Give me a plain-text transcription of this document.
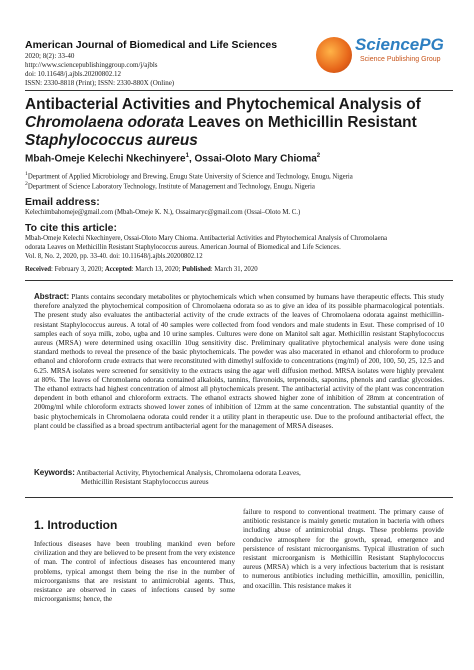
American Journal of Biomedical and Life Sciences
2020; 8(2): 33-40
http://www.sciencepublishinggroup.com/j/ajbls
doi: 10.11648/j.ajbls.20200802.12
ISSN: 2330-8818 (Print); ISSN: 2330-880X (Online)
SciencePG
Science Publishing Group
Antibacterial Activities and Phytochemical Analysis of
Chromolaena odorata Leaves on Methicillin Resistant
Staphylococcus aureus
Mbah-Omeje Kelechi Nkechinyere$^1$, Ossai-Oloto Mary Chioma$^2$
$^1$Department of Applied Microbiology and Brewing, Enugu State University of Science and Technology, Enugu, Nigeria
$^2$Department of Science Laboratory Technology, Institute of Management and Technology, Enugu, Nigeria
Email address:
Kelechimbahomeje@gmail.com (Mbah-Omeje K. N.), Ossaimaryc@gmail.com (Ossai–Oloto M. C.)
To cite this article:
Mbah-Omeje Kelechi Nkechinyere, Ossai-Oloto Mary Chioma. Antibacterial Activities and Phytochemical Analysis of Chromolaena
odorata Leaves on Methicillin Resistant Staphylococcus aureus. American Journal of Biomedical and Life Sciences.
Vol. 8, No. 2, 2020, pp. 33-40. doi: 10.11648/j.ajbls.20200802.12
Received: February 3, 2020; Accepted: March 13, 2020; Published: March 31, 2020
Abstract: Plants contains secondary metabolites or phytochemicals which when consumed by humans have therapeutic effects. This study therefore analyzed the phytochemical composition of Chromolaena odorata so as to give an idea of its possible pharmacological potentials. The present study also evaluates the antibacterial activity of the crude extracts of the leaves of Chromolaena odorata against methicillin-resistant Staphylococcus aureus. A total of 40 samples were collected from food vendors and male students in Esut. These comprised of 10 samples each of soya milk, zobo, ugba and 10 urine samples. Cultures were done on Manitol salt agar. Methicillin resistant Staphylococcus aureus (MRSA) were determined using oxacillin 10ug sensitivity disc. Preliminary qualitative phytochemical analysis were done using standard methods to reveal the presence of the basic phytochemicals. The powder was also macerated in ethanol and chloroform to produce ethanol and chloroform crude extracts that were reconstituted with dimethyl sulfoxide to concentrations (mg/ml) of 200, 100, 50, 25, 12.5 and 6.25. MRSA isolates were screened for sensitivity to the extracts using the agar well diffusion method. MRSA isolates were highly prevalent at 80%. The leaves of Chromolaena odorata contained alkaloids, tannins, flavonoids, terpenoids, saponins, phenols and cardiac glycosides. The ethanol extracts had highest concentration of almost all phytochemicals present. The antibacterial activity of the plant was concentration dependent in both ethanol and chloroform extracts. The ethanol extracts showed higher zone of inhibition of 28mm at concentration of 200mg/ml while chloroform extracts showed lower zones of inhibition of 12mm at the same concentration. The substantial quantity of the basic phytochemicals in Chromolaena odorata could render it a utility plant in therapeutic use. Due to the profound antibacterial effect, the plant could be classified as a broad spectrum antibacterial agent for the management of MRSA diseases.
Keywords: Antibacterial Activity, Phytochemical Analysis, Chromolaena odorata Leaves,
Methicillin Resistant Staphylococcus aureus
1. Introduction
Infectious diseases have been troubling mankind even before civilization and they are believed to be present from the very existence of man. The control of infectious diseases has encountered many problems, typical amongst them being the rise in the number of microorganisms that are resistant to antimicrobial agents. Thus, resistance are observed in cases of infections caused by some microorganisms; hence, the
failure to respond to conventional treatment. The primary cause of antibiotic resistance is mainly genetic mutation in bacteria with others including abuse of antimicrobial drugs. These problems provide conducive atmosphere for the growth, spread, emergence and persistence of resistant microorganisms. Typical illustration of such resistant microorganism is Methicillin Resistant Staphylococcus aureus (MRSA) which is a very infectious bacterium that is resistant to numerous antibiotics including methicillin, amoxillin, penicillin, and oxacillin. This resistance makes it
